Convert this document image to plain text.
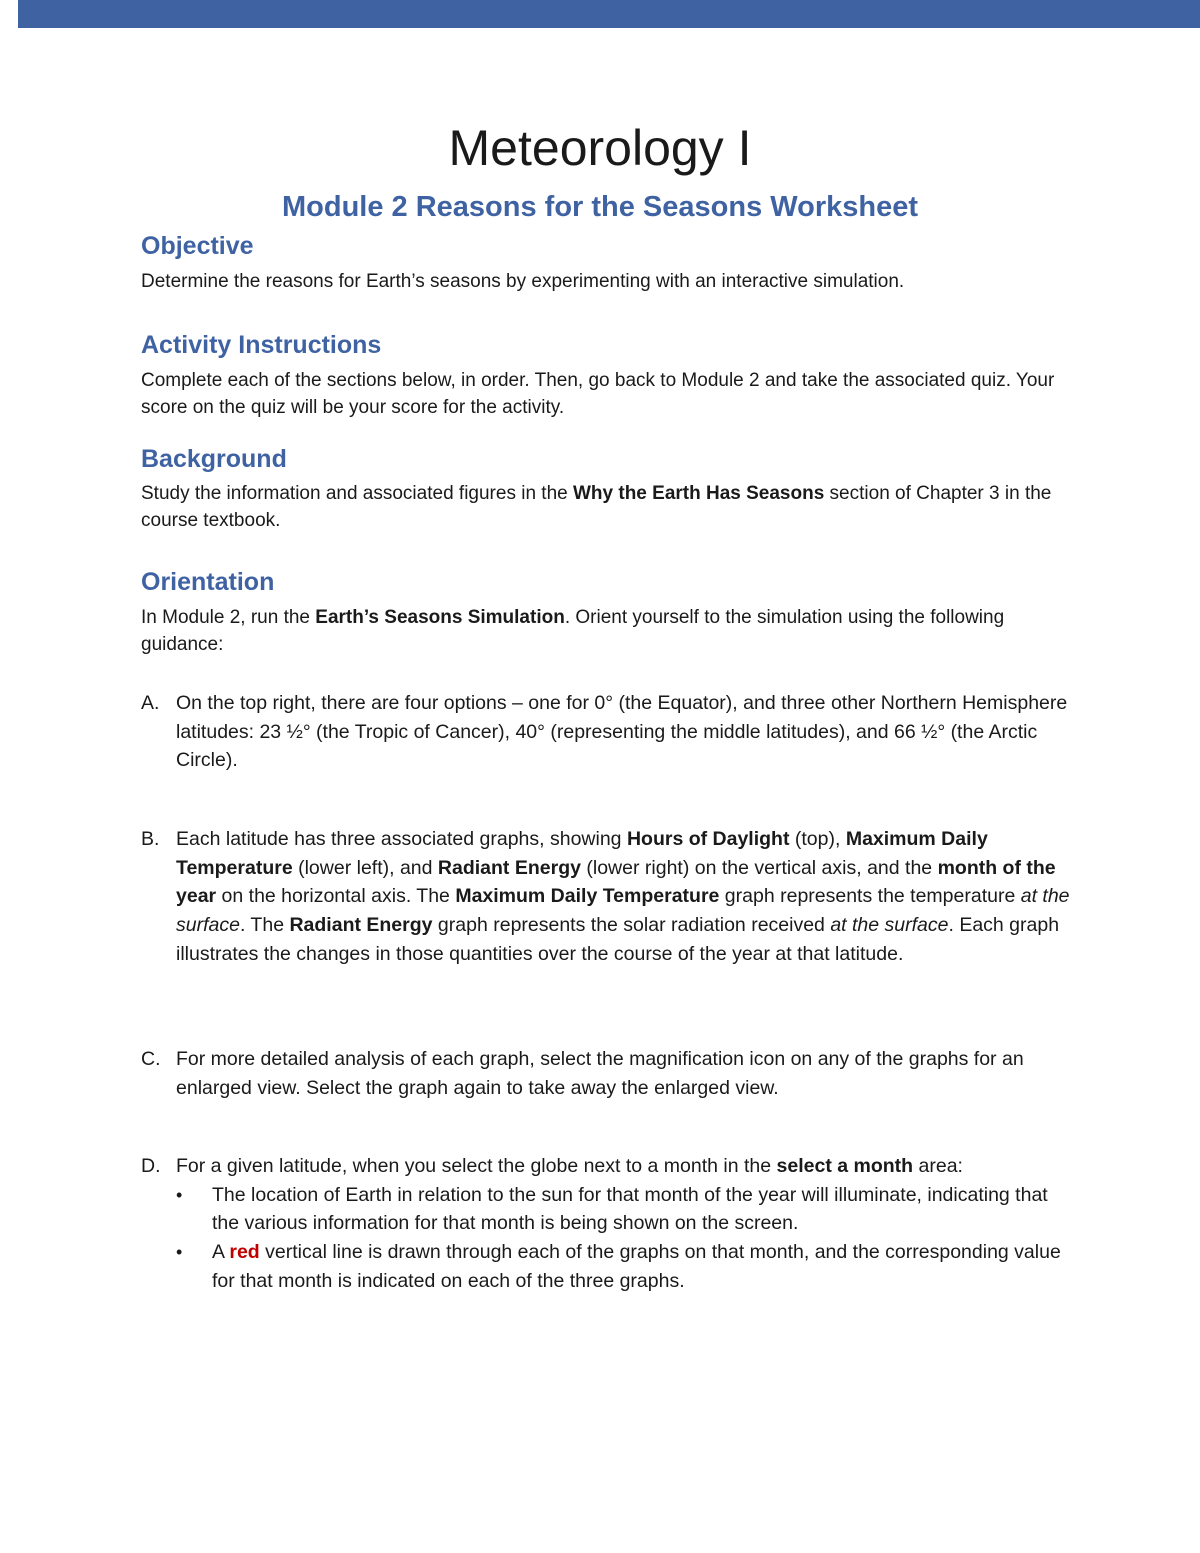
Meteorology I
Module 2 Reasons for the Seasons Worksheet
Objective

Determine the reasons for Earth’s seasons by experimenting with an interactive simulation.

Activity Instructions

Complete each of the sections below, in order. Then, go back to Module 2 and take the associated quiz. Your score on the quiz will be your score for the activity.

Background

Study the information and associated figures in the Why the Earth Has Seasons section of Chapter 3 in the course textbook.

Orientation

In Module 2, run the Earth’s Seasons Simulation. Orient yourself to the simulation using the following guidance:

A. On the top right, there are four options – one for 0° (the Equator), and three other Northern Hemisphere latitudes: 23 ½° (the Tropic of Cancer), 40° (representing the middle latitudes), and 66 ½° (the Arctic Circle).
B. Each latitude has three associated graphs, showing Hours of Daylight (top), Maximum Daily Temperature (lower left), and Radiant Energy (lower right) on the vertical axis, and the month of the year on the horizontal axis. The Maximum Daily Temperature graph represents the temperature at the surface. The Radiant Energy graph represents the solar radiation received at the surface. Each graph illustrates the changes in those quantities over the course of the year at that latitude.
C. For more detailed analysis of each graph, select the magnification icon on any of the graphs for an enlarged view. Select the graph again to take away the enlarged view.
D. For a given latitude, when you select the globe next to a month in the select a month area:
• The location of Earth in relation to the sun for that month of the year will illuminate, indicating that the various information for that month is being shown on the screen.
• A red vertical line is drawn through each of the graphs on that month, and the corresponding value for that month is indicated on each of the three graphs.
